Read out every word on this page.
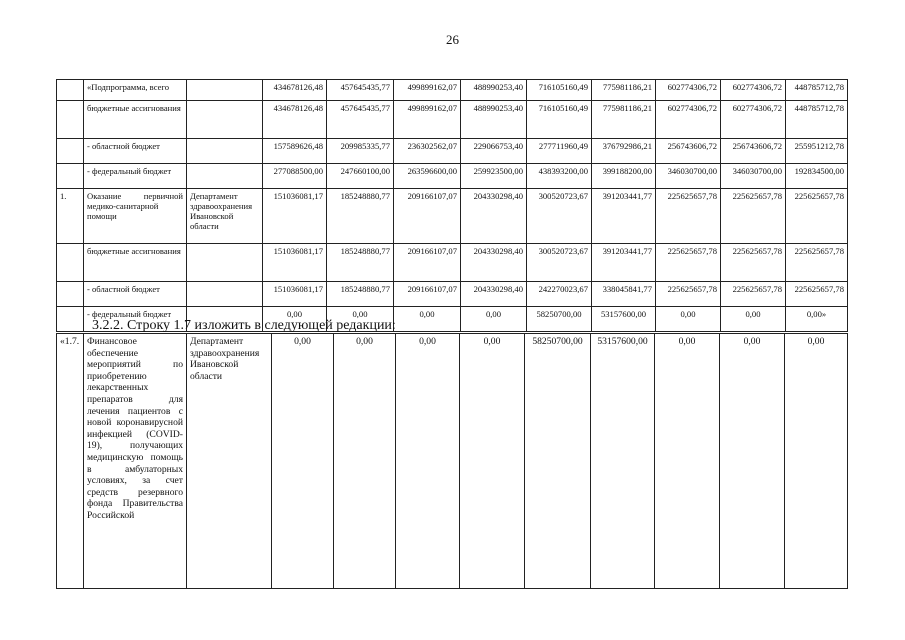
26
	«Подпрограмма, всего		434678126,48	457645435,77	499899162,07	488990253,40	716105160,49	775981186,21	602774306,72	602774306,72	448785712,78
	бюджетные ассигнования		434678126,48	457645435,77	499899162,07	488990253,40	716105160,49	775981186,21	602774306,72	602774306,72	448785712,78
	- областной бюджет		157589626,48	209985335,77	236302562,07	229066753,40	277711960,49	376792986,21	256743606,72	256743606,72	255951212,78
	- федеральный бюджет		277088500,00	247660100,00	263596600,00	259923500,00	438393200,00	399188200,00	346030700,00	346030700,00	192834500,00
1.	Оказание первичной медико-санитарной помощи	Департамент здравоохранения Ивановской области	151036081,17	185248880,77	209166107,07	204330298,40	300520723,67	391203441,77	225625657,78	225625657,78	225625657,78
	бюджетные ассигнования		151036081,17	185248880,77	209166107,07	204330298,40	300520723,67	391203441,77	225625657,78	225625657,78	225625657,78
	- областной бюджет		151036081,17	185248880,77	209166107,07	204330298,40	242270023,67	338045841,77	225625657,78	225625657,78	225625657,78
	- федеральный бюджет		0,00	0,00	0,00	0,00	58250700,00	53157600,00	0,00	0,00	0,00»
3.2.2. Строку 1.7 изложить в следующей редакции:
«1.7.	Финансовое обеспечение мероприятий по приобретению лекарственных препаратов для лечения пациентов с новой коронавирусной инфекцией (COVID-19), получающих медицинскую помощь в амбулаторных условиях, за счет средств резервного фонда Правительства Российской	Департамент здравоохранения Ивановской области	0,00	0,00	0,00	0,00	58250700,00	53157600,00	0,00	0,00	0,00
